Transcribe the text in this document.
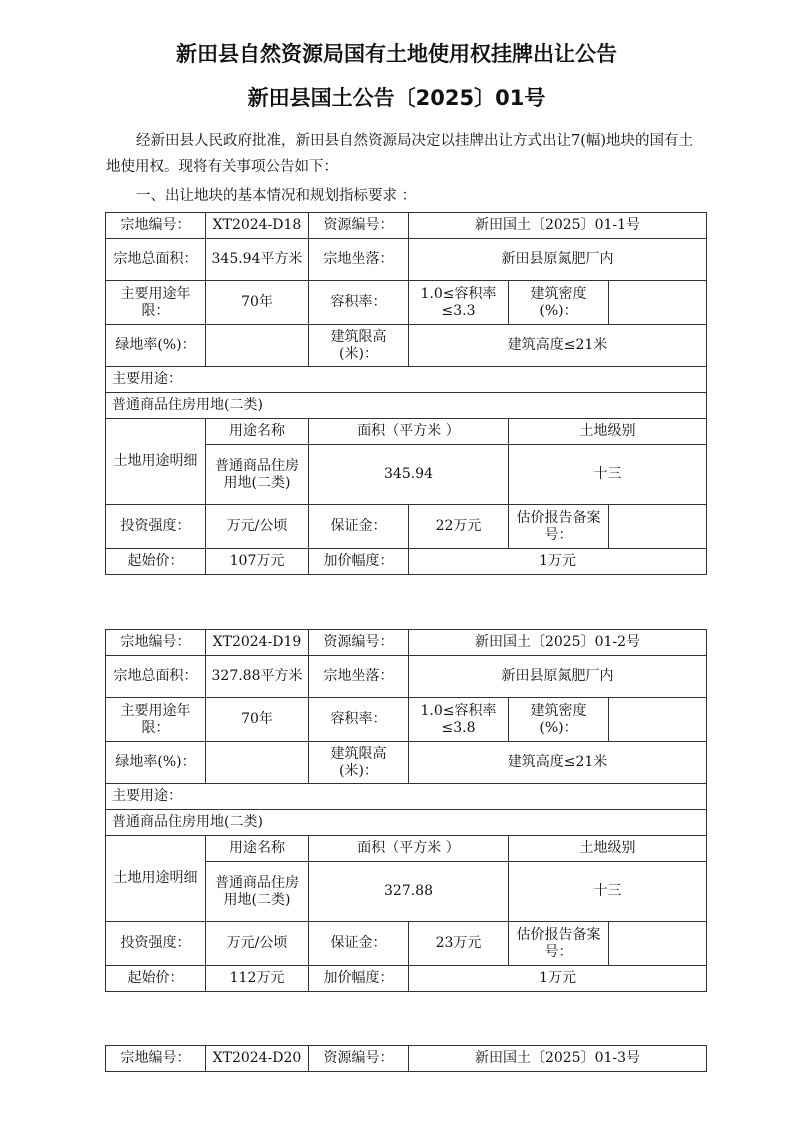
新田县自然资源局国有土地使用权挂牌出让公告
新田县国土公告〔2025〕01号
经新田县人民政府批准，新田县自然资源局决定以挂牌出让方式出让7(幅)地块的国有土地使用权。现将有关事项公告如下：
一、出让地块的基本情况和规划指标要求 ：
宗地编号：	XT2024-D18	资源编号：	新田国土〔2025〕01-1号		
宗地总面积：	345.94平方米	宗地坐落：	新田县原氮肥厂内		
主要用途年限：	70年	容积率：	1.0≤容积率≤3.3	建筑密度(%)：	
绿地率(%)：		建筑限高(米)：	建筑高度≤21米		
主要用途：					
普通商品住房用地(二类)					
土地用途明细	用途名称	面积（平方米 ）		土地级别	
	普通商品住房用地(二类)	345.94		十三	
投资强度：	万元/公顷	保证金：	22万元	估价报告备案号：	
起始价：	107万元	加价幅度：	1万元		
宗地编号：	XT2024-D19	资源编号：	新田国土〔2025〕01-2号		
宗地总面积：	327.88平方米	宗地坐落：	新田县原氮肥厂内		
主要用途年限：	70年	容积率：	1.0≤容积率≤3.8	建筑密度(%)：	
绿地率(%)：		建筑限高(米)：	建筑高度≤21米		
主要用途：					
普通商品住房用地(二类)					
土地用途明细	用途名称	面积（平方米 ）		土地级别	
	普通商品住房用地(二类)	327.88		十三	
投资强度：	万元/公顷	保证金：	23万元	估价报告备案号：	
起始价：	112万元	加价幅度：	1万元		
宗地编号：	XT2024-D20	资源编号：	新田国土〔2025〕01-3号
